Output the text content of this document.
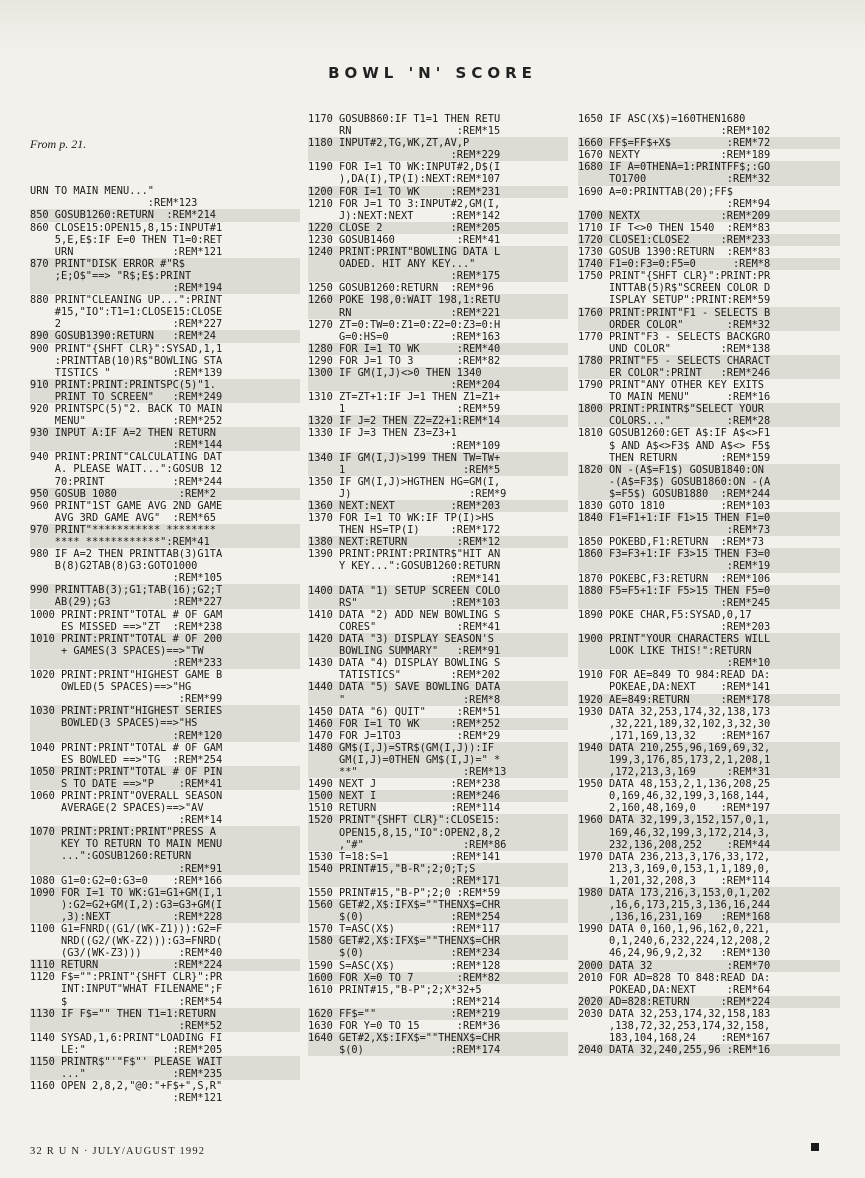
BOWL 'N' SCORE

From p. 21.

URN TO MAIN MENU..."
:REM*123
850 GOSUB1260:RETURN  :REM*214
860 CLOSE15:OPEN15,8,15:INPUT#1
5,E,E$:IF E=0 THEN T1=0:RET
URN                :REM*121
870 PRINT"DISK ERROR #"R$
;E;O$"==> "R$;E$:PRINT
:REM*194
880 PRINT"CLEANING UP...":PRINT
#15,"IO":T1=1:CLOSE15:CLOSE
2                  :REM*227
890 GOSUB1390:RETURN   :REM*24
900 PRINT"{SHFT CLR}":SYSAD,1,1
:PRINTTAB(10)R$"BOWLING STA
TISTICS "          :REM*139
910 PRINT:PRINT:PRINTSPC(5)"1.
PRINT TO SCREEN"   :REM*249
920 PRINTSPC(5)"2. BACK TO MAIN
MENU"              :REM*252
930 INPUT A:IF A=2 THEN RETURN
:REM*144
940 PRINT:PRINT"CALCULATING DAT
A. PLEASE WAIT...":GOSUB 12
70:PRINT           :REM*244
950 GOSUB 1080          :REM*2
960 PRINT"1ST GAME AVG 2ND GAME
AVG 3RD GAME AVG"  :REM*65
970 PRINT"*********** ********
**** ************":REM*41
980 IF A=2 THEN PRINTTAB(3)G1TA
B(8)G2TAB(8)G3:GOTO1000
:REM*105
990 PRINTTAB(3);G1;TAB(16);G2;T
AB(29);G3          :REM*227
1000 PRINT:PRINT"TOTAL # OF GAM
ES MISSED ==>"ZT  :REM*238
1010 PRINT:PRINT"TOTAL # OF 200
+ GAMES(3 SPACES)==>"TW
:REM*233
1020 PRINT:PRINT"HIGHEST GAME B
OWLED(5 SPACES)==>"HG
:REM*99
1030 PRINT:PRINT"HIGHEST SERIES
BOWLED(3 SPACES)==>"HS
:REM*120
1040 PRINT:PRINT"TOTAL # OF GAM
ES BOWLED ==>"TG  :REM*254
1050 PRINT:PRINT"TOTAL # OF PIN
S TO DATE ==>"P    :REM*41
1060 PRINT:PRINT"OVERALL SEASON
AVERAGE(2 SPACES)==>"AV
:REM*14
1070 PRINT:PRINT:PRINT"PRESS A
KEY TO RETURN TO MAIN MENU
...":GOSUB1260:RETURN
:REM*91
1080 G1=0:G2=0:G3=0    :REM*166
1090 FOR I=1 TO WK:G1=G1+GM(I,1
):G2=G2+GM(I,2):G3=G3+GM(I
,3):NEXT          :REM*228
1100 G1=FNRD((G1/(WK-Z1))):G2=F
NRD((G2/(WK-Z2))):G3=FNRD(
(G3/(WK-Z3)))      :REM*40
1110 RETURN            :REM*224
1120 F$="":PRINT"{SHFT CLR}":PR
INT:INPUT"WHAT FILENAME";F
$                  :REM*54
1130 IF F$="" THEN T1=1:RETURN
:REM*52
1140 SYSAD,1,6:PRINT"LOADING FI
LE:"              :REM*205
1150 PRINTR$"'"F$"' PLEASE WAIT
..."              :REM*235
1160 OPEN 2,8,2,"@0:"+F$+",S,R"
:REM*121
1170 GOSUB860:IF T1=1 THEN RETU
RN                 :REM*15
1180 INPUT#2,TG,WK,ZT,AV,P
:REM*229
1190 FOR I=1 TO WK:INPUT#2,D$(I
),DA(I),TP(I):NEXT:REM*107
1200 FOR I=1 TO WK     :REM*231
1210 FOR J=1 TO 3:INPUT#2,GM(I,
J):NEXT:NEXT      :REM*142
1220 CLOSE 2           :REM*205
1230 GOSUB1460          :REM*41
1240 PRINT:PRINT"BOWLING DATA L
OADED. HIT ANY KEY..."
:REM*175
1250 GOSUB1260:RETURN  :REM*96
1260 POKE 198,0:WAIT 198,1:RETU
RN                :REM*221
1270 ZT=0:TW=0:Z1=0:Z2=0:Z3=0:H
G=0:HS=0          :REM*163
1280 FOR I=1 TO WK      :REM*40
1290 FOR J=1 TO 3       :REM*82
1300 IF GM(I,J)<>0 THEN 1340
:REM*204
1310 ZT=ZT+1:IF J=1 THEN Z1=Z1+
1                  :REM*59
1320 IF J=2 THEN Z2=Z2+1:REM*14
1330 IF J=3 THEN Z3=Z3+1
:REM*109
1340 IF GM(I,J)>199 THEN TW=TW+
1                   :REM*5
1350 IF GM(I,J)>HGTHEN HG=GM(I,
J)                   :REM*9
1360 NEXT:NEXT         :REM*203
1370 FOR I=1 TO WK:IF TP(I)>HS
THEN HS=TP(I)     :REM*172
1380 NEXT:RETURN        :REM*12
1390 PRINT:PRINT:PRINTR$"HIT AN
Y KEY...":GOSUB1260:RETURN
:REM*141
1400 DATA "1) SETUP SCREEN COLO
RS"               :REM*103
1410 DATA "2) ADD NEW BOWLING S
CORES"             :REM*41
1420 DATA "3) DISPLAY SEASON'S
BOWLING SUMMARY"   :REM*91
1430 DATA "4) DISPLAY BOWLING S
TATISTICS"        :REM*202
1440 DATA "5) SAVE BOWLING DATA
"                   :REM*8
1450 DATA "6) QUIT"     :REM*51
1460 FOR I=1 TO WK     :REM*252
1470 FOR J=1TO3         :REM*29
1480 GM$(I,J)=STR$(GM(I,J)):IF
GM(I,J)=0THEN GM$(I,J)=" *
**"                 :REM*13
1490 NEXT J            :REM*238
1500 NEXT I            :REM*246
1510 RETURN            :REM*114
1520 PRINT"{SHFT CLR}":CLOSE15:
OPEN15,8,15,"IO":OPEN2,8,2
,"#"                :REM*86
1530 T=18:S=1          :REM*141
1540 PRINT#15,"B-R";2;0;T;S
:REM*171
1550 PRINT#15,"B-P";2;0 :REM*59
1560 GET#2,X$:IFX$=""THENX$=CHR
$(0)              :REM*254
1570 T=ASC(X$)         :REM*117
1580 GET#2,X$:IFX$=""THENX$=CHR
$(0)              :REM*234
1590 S=ASC(X$)         :REM*128
1600 FOR X=0 TO 7       :REM*82
1610 PRINT#15,"B-P";2;X*32+5
:REM*214
1620 FF$=""            :REM*219
1630 FOR Y=0 TO 15      :REM*36
1640 GET#2,X$:IFX$=""THENX$=CHR
$(0)              :REM*174
1650 IF ASC(X$)=160THEN1680
:REM*102
1660 FF$=FF$+X$         :REM*72
1670 NEXTY             :REM*189
1680 IF A=0THENA=1:PRINTFF$;:GO
TO1700             :REM*32
1690 A=0:PRINTTAB(20);FF$
:REM*94
1700 NEXTX             :REM*209
1710 IF T<>0 THEN 1540  :REM*83
1720 CLOSE1:CLOSE2     :REM*233
1730 GOSUB 1390:RETURN  :REM*83
1740 F1=0:F3=0:F5=0      :REM*8
1750 PRINT"{SHFT CLR}":PRINT:PR
INTTAB(5)R$"SCREEN COLOR D
ISPLAY SETUP":PRINT:REM*59
1760 PRINT:PRINT"F1 - SELECTS B
ORDER COLOR"       :REM*32
1770 PRINT"F3 - SELECTS BACKGRO
UND COLOR"        :REM*138
1780 PRINT"F5 - SELECTS CHARACT
ER COLOR":PRINT   :REM*246
1790 PRINT"ANY OTHER KEY EXITS
TO MAIN MENU"      :REM*16
1800 PRINT:PRINTR$"SELECT YOUR
COLORS..."         :REM*28
1810 GOSUB1260:GET A$:IF A$<>F1
$ AND A$<>F3$ AND A$<> F5$
THEN RETURN       :REM*159
1820 ON -(A$=F1$) GOSUB1840:ON
-(A$=F3$) GOSUB1860:ON -(A
$=F5$) GOSUB1880  :REM*244
1830 GOTO 1810         :REM*103
1840 F1=F1+1:IF F1>15 THEN F1=0
:REM*73
1850 POKEBD,F1:RETURN  :REM*73
1860 F3=F3+1:IF F3>15 THEN F3=0
:REM*19
1870 POKEBC,F3:RETURN  :REM*106
1880 F5=F5+1:IF F5>15 THEN F5=0
:REM*245
1890 POKE CHAR,F5:SYSAD,0,17
:REM*203
1900 PRINT"YOUR CHARACTERS WILL
LOOK LIKE THIS!":RETURN
:REM*10
1910 FOR AE=849 TO 984:READ DA:
POKEAE,DA:NEXT    :REM*141
1920 AE=849:RETURN     :REM*178
1930 DATA 32,253,174,32,138,173
,32,221,189,32,102,3,32,30
,171,169,13,32    :REM*167
1940 DATA 210,255,96,169,69,32,
199,3,176,85,173,2,1,208,1
,172,213,3,169     :REM*31
1950 DATA 48,153,2,1,136,208,25
0,169,46,32,199,3,168,144,
2,160,48,169,0    :REM*197
1960 DATA 32,199,3,152,157,0,1,
169,46,32,199,3,172,214,3,
232,136,208,252    :REM*44
1970 DATA 236,213,3,176,33,172,
213,3,169,0,153,1,1,189,0,
1,201,32,208,3    :REM*114
1980 DATA 173,216,3,153,0,1,202
,16,6,173,215,3,136,16,244
,136,16,231,169   :REM*168
1990 DATA 0,160,1,96,162,0,221,
0,1,240,6,232,224,12,208,2
46,24,96,9,2,32   :REM*130
2000 DATA 32            :REM*70
2010 FOR AD=828 TO 848:READ DA:
POKEAD,DA:NEXT     :REM*64
2020 AD=828:RETURN     :REM*224
2030 DATA 32,253,174,32,158,183
,138,72,32,253,174,32,158,
183,104,168,24    :REM*167
2040 DATA 32,240,255,96 :REM*16
32 R U N · JULY/AUGUST 1992
